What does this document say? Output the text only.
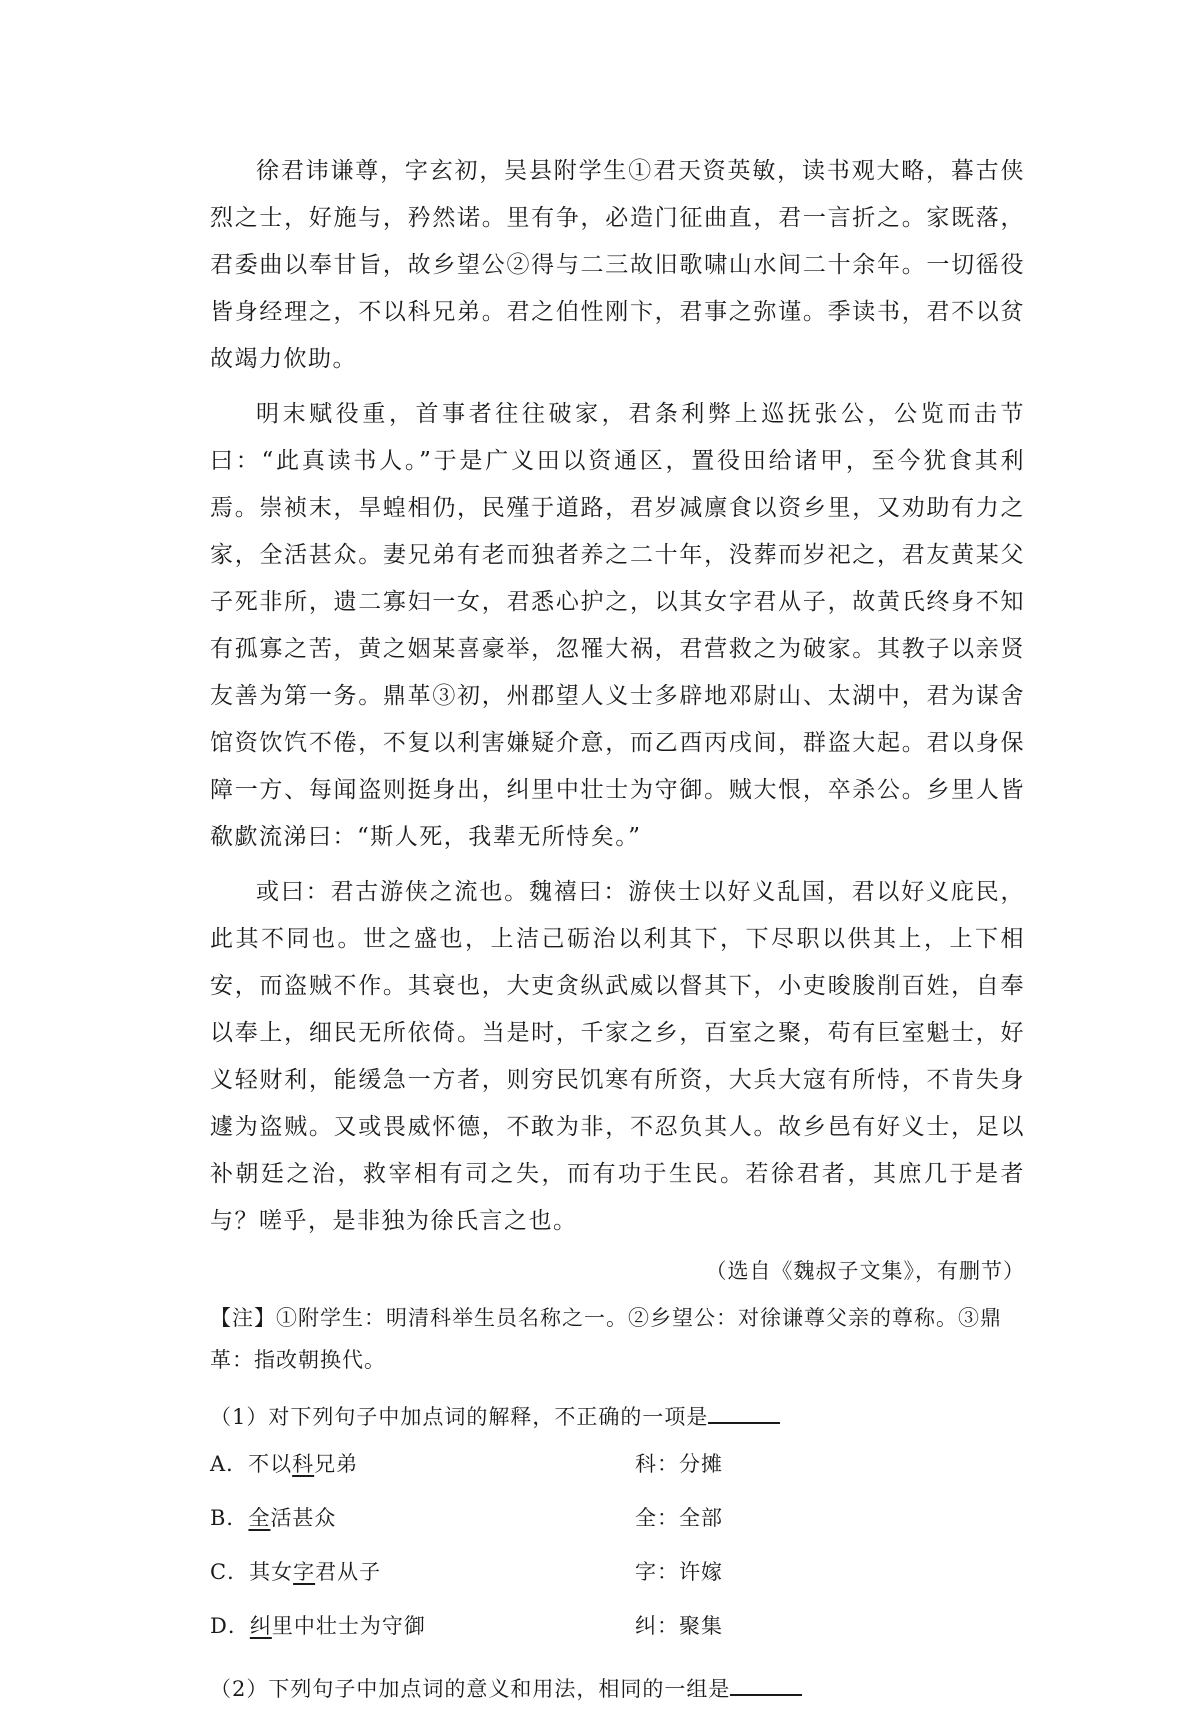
徐君讳谦尊，字玄初，吴县附学生①君天资英敏，读书观大略，暮古侠烈之士，好施与，矜然诺。里有争，必造门征曲直，君一言折之。家既落，君委曲以奉甘旨，故乡望公②得与二三故旧歌啸山水间二十余年。一切徭役皆身经理之，不以科兄弟。君之伯性刚卞，君事之弥谨。季读书，君不以贫故竭力佽助。

明末赋役重，首事者往往破家，君条利弊上巡抚张公，公览而击节曰：“此真读书人。”于是广义田以资通区，置役田给诸甲，至今犹食其利焉。崇祯末，旱蝗相仍，民殣于道路，君岁减廪食以资乡里，又劝助有力之家，全活甚众。妻兄弟有老而独者养之二十年，没葬而岁祀之，君友黄某父子死非所，遗二寡妇一女，君悉心护之，以其女字君从子，故黄氏终身不知有孤寡之苦，黄之姻某喜豪举，忽罹大祸，君营救之为破家。其教子以亲贤友善为第一务。鼎革③初，州郡望人义士多辟地邓尉山、太湖中，君为谋舍馆资饮饩不倦，不复以利害嫌疑介意，而乙酉丙戌间，群盗大起。君以身保障一方、每闻盗则挺身出，纠里中壮士为守御。贼大恨，卒杀公。乡里人皆欷歔流涕曰：“斯人死，我辈无所恃矣。”

或曰：君古游侠之流也。魏禧曰：游侠士以好义乱国，君以好义庇民，此其不同也。世之盛也，上洁己砺治以利其下，下尽职以供其上，上下相安，而盗贼不作。其衰也，大吏贪纵武威以督其下，小吏晙朘削百姓，自奉以奉上，细民无所依倚。当是时，千家之乡，百室之聚，苟有巨室魁士，好义轻财利，能缓急一方者，则穷民饥寒有所资，大兵大寇有所恃，不肯失身遽为盗贼。又或畏威怀德，不敢为非，不忍负其人。故乡邑有好义士，足以补朝廷之治，救宰相有司之失，而有功于生民。若徐君者，其庶几于是者与？嗟乎，是非独为徐氏言之也。

（选自《魏叔子文集》，有删节）

【注】①附学生：明清科举生员名称之一。②乡望公：对徐谦尊父亲的尊称。③鼎革：指改朝换代。

（1）对下列句子中加点词的解释，不正确的一项是
A．不以科兄弟	科：分摊
B．全活甚众	全：全部
C．其女字君从子	字：许嫁
D．纠里中壮士为守御	纠：聚集
（2）下列句子中加点词的意义和用法，相同的一组是
